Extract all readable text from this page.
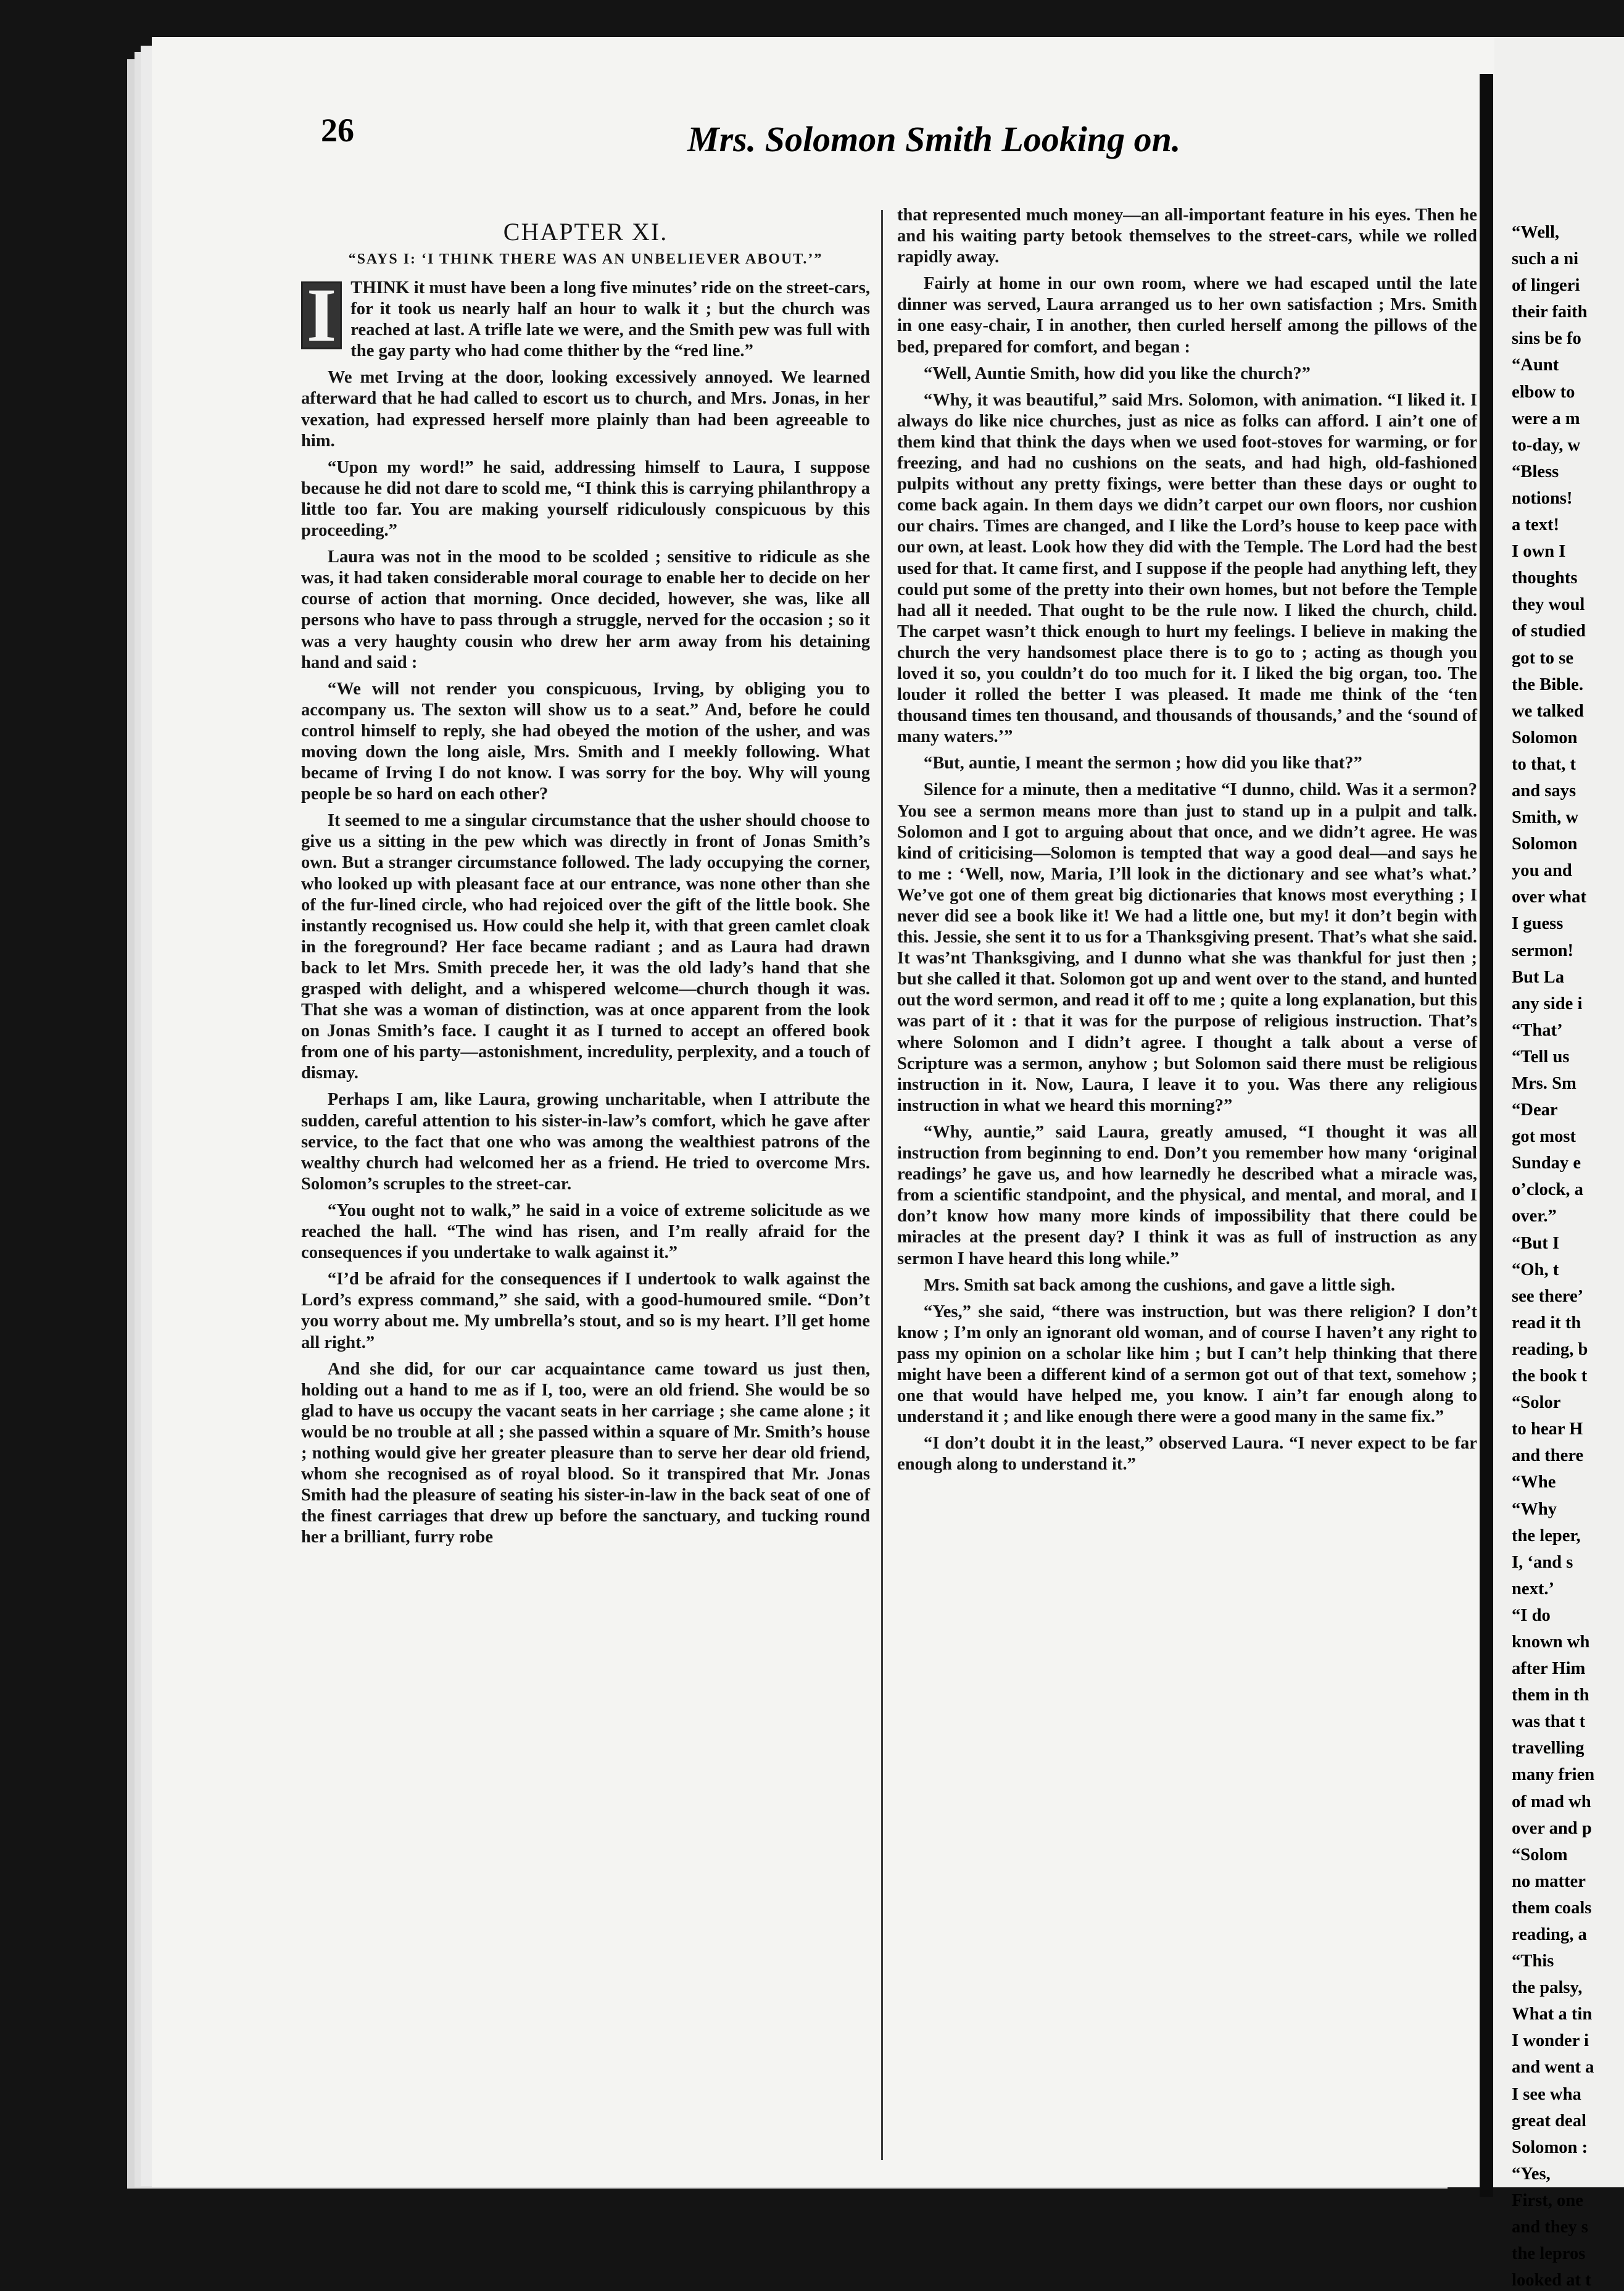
26	Mrs. Solomon Smith Looking on.
CHAPTER XI.
“SAYS I: ‘I THINK THERE WAS AN UNBELIEVER ABOUT.’”

I THINK it must have been a long five minutes’ ride on the street-cars, for it took us nearly half an hour to walk it ; but the church was reached at last. A trifle late we were, and the Smith pew was full with the gay party who had come thither by the “red line.”

We met Irving at the door, looking excessively annoyed. We learned afterward that he had called to escort us to church, and Mrs. Jonas, in her vexation, had expressed herself more plainly than had been agreeable to him.

“Upon my word!” he said, addressing himself to Laura, I suppose because he did not dare to scold me, “I think this is carrying philanthropy a little too far. You are making yourself ridiculously conspicuous by this proceeding.”

Laura was not in the mood to be scolded ; sensitive to ridicule as she was, it had taken considerable moral courage to enable her to decide on her course of action that morning. Once decided, however, she was, like all persons who have to pass through a struggle, nerved for the occasion ; so it was a very haughty cousin who drew her arm away from his detaining hand and said :

“We will not render you conspicuous, Irving, by obliging you to accompany us. The sexton will show us to a seat.” And, before he could control himself to reply, she had obeyed the motion of the usher, and was moving down the long aisle, Mrs. Smith and I meekly following. What became of Irving I do not know. I was sorry for the boy. Why will young people be so hard on each other?

It seemed to me a singular circumstance that the usher should choose to give us a sitting in the pew which was directly in front of Jonas Smith’s own. But a stranger circumstance followed. The lady occupying the corner, who looked up with pleasant face at our entrance, was none other than she of the fur-lined circle, who had rejoiced over the gift of the little book. She instantly recognised us. How could she help it, with that green camlet cloak in the foreground? Her face became radiant ; and as Laura had drawn back to let Mrs. Smith precede her, it was the old lady’s hand that she grasped with delight, and a whispered welcome—church though it was. That she was a woman of distinction, was at once apparent from the look on Jonas Smith’s face. I caught it as I turned to accept an offered book from one of his party—astonishment, incredulity, perplexity, and a touch of dismay.

Perhaps I am, like Laura, growing uncharitable, when I attribute the sudden, careful attention to his sister-in-law’s comfort, which he gave after service, to the fact that one who was among the wealthiest patrons of the wealthy church had welcomed her as a friend. He tried to overcome Mrs. Solomon’s scruples to the street-car.

“You ought not to walk,” he said in a voice of extreme solicitude as we reached the hall. “The wind has risen, and I’m really afraid for the consequences if you undertake to walk against it.”

“I’d be afraid for the consequences if I undertook to walk against the Lord’s express command,” she said, with a good-humoured smile. “Don’t you worry about me. My umbrella’s stout, and so is my heart. I’ll get home all right.”

And she did, for our car acquaintance came toward us just then, holding out a hand to me as if I, too, were an old friend. She would be so glad to have us occupy the vacant seats in her carriage ; she came alone ; it would be no trouble at all ; she passed within a square of Mr. Smith’s house ; nothing would give her greater pleasure than to serve her dear old friend, whom she recognised as of royal blood. So it transpired that Mr. Jonas Smith had the pleasure of seating his sister-in-law in the back seat of one of the finest carriages that drew up before the sanctuary, and tucking round her a brilliant, furry robe

that represented much money—an all-important feature in his eyes. Then he and his waiting party betook themselves to the street-cars, while we rolled rapidly away.

Fairly at home in our own room, where we had escaped until the late dinner was served, Laura arranged us to her own satisfaction ; Mrs. Smith in one easy-chair, I in another, then curled herself among the pillows of the bed, prepared for comfort, and began :

“Well, Auntie Smith, how did you like the church?”

“Why, it was beautiful,” said Mrs. Solomon, with animation. “I liked it. I always do like nice churches, just as nice as folks can afford. I ain’t one of them kind that think the days when we used foot-stoves for warming, or for freezing, and had no cushions on the seats, and had high, old-fashioned pulpits without any pretty fixings, were better than these days or ought to come back again. In them days we didn’t carpet our own floors, nor cushion our chairs. Times are changed, and I like the Lord’s house to keep pace with our own, at least. Look how they did with the Temple. The Lord had the best used for that. It came first, and I suppose if the people had anything left, they could put some of the pretty into their own homes, but not before the Temple had all it needed. That ought to be the rule now. I liked the church, child. The carpet wasn’t thick enough to hurt my feelings. I believe in making the church the very handsomest place there is to go to ; acting as though you loved it so, you couldn’t do too much for it. I liked the big organ, too. The louder it rolled the better I was pleased. It made me think of the ‘ten thousand times ten thousand, and thousands of thousands,’ and the ‘sound of many waters.’”

“But, auntie, I meant the sermon ; how did you like that?”

Silence for a minute, then a meditative “I dunno, child. Was it a sermon? You see a sermon means more than just to stand up in a pulpit and talk. Solomon and I got to arguing about that once, and we didn’t agree. He was kind of criticising—Solomon is tempted that way a good deal—and says he to me : ‘Well, now, Maria, I’ll look in the dictionary and see what’s what.’ We’ve got one of them great big dictionaries that knows most everything ; I never did see a book like it! We had a little one, but my! it don’t begin with this. Jessie, she sent it to us for a Thanksgiving present. That’s what she said. It was’nt Thanksgiving, and I dunno what she was thankful for just then ; but she called it that. Solomon got up and went over to the stand, and hunted out the word sermon, and read it off to me ; quite a long explanation, but this was part of it : that it was for the purpose of religious instruction. That’s where Solomon and I didn’t agree. I thought a talk about a verse of Scripture was a sermon, anyhow ; but Solomon said there must be religious instruction in it. Now, Laura, I leave it to you. Was there any religious instruction in what we heard this morning?”

“Why, auntie,” said Laura, greatly amused, “I thought it was all instruction from beginning to end. Don’t you remember how many ‘original readings’ he gave us, and how learnedly he described what a miracle was, from a scientific standpoint, and the physical, and mental, and moral, and I don’t know how many more kinds of impossibility that there could be miracles at the present day? I think it was as full of instruction as any sermon I have heard this long while.”

Mrs. Smith sat back among the cushions, and gave a little sigh.

“Yes,” she said, “there was instruction, but was there religion? I don’t know ; I’m only an ignorant old woman, and of course I haven’t any right to pass my opinion on a scholar like him ; but I can’t help thinking that there might have been a different kind of a sermon got out of that text, somehow ; one that would have helped me, you know. I ain’t far enough along to understand it ; and like enough there were a good many in the same fix.”

“I don’t doubt it in the least,” observed Laura. “I never expect to be far enough along to understand it.”

“Well,
such a ni
of lingeri
their faith
sins be fo
“Aunt
elbow to
were a m
to-day, w
“Bless
notions!
a text!
I own I
thoughts
they woul
of studied
got to se
the Bible.
we talked
Solomon
to that, t
and says
Smith, w
Solomon
you and
over what
I guess
sermon!
But La
any side i
“That’
“Tell us
Mrs. Sm
“Dear
got most
Sunday e
o’clock, a
over.”
“But I
“Oh, t
see there’
read it th
reading, b
the book t
“Solor
to hear H
and there
“Whe
“Why
the leper,
I, ‘and s
next.’
“I do
known wh
after Him
them in th
was that t
travelling
many frien
of mad wh
over and p
“Solom
no matter
them coals
reading, a
“This
the palsy,
What a tin
I wonder i
and went a
I see wha
great deal
Solomon :
“Yes,
First, one
and they s
the lepros
looked at t
